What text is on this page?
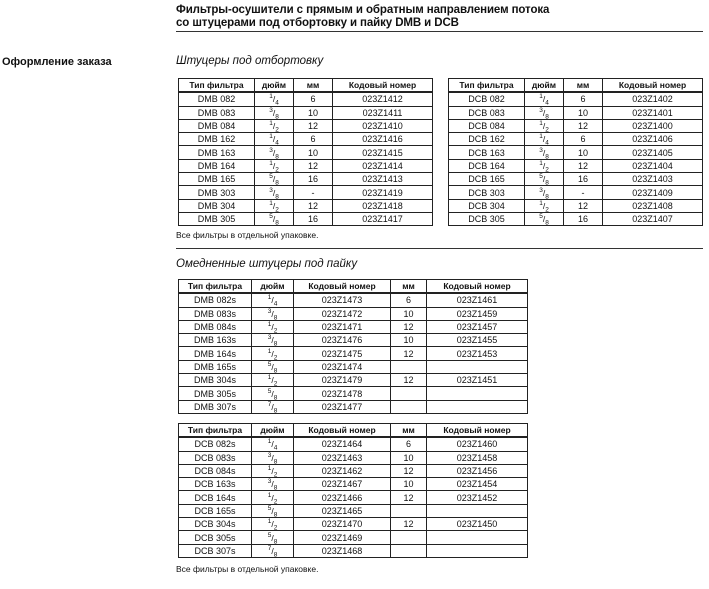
Фильтры-осушители с прямым и обратным направлением потока
со штуцерами под отбортовку и пайку DMB и DCB
Оформление заказа	Штуцеры под отбортовку
Тип фильтра	дюйм	мм	Кодовый номер
DMB 082	$^1/_4$	6	023Z1412
DMB 083	$^3/_8$	10	023Z1411
DMB 084	$^1/_2$	12	023Z1410
DMB 162	$^1/_4$	6	023Z1416
DMB 163	$^3/_8$	10	023Z1415
DMB 164	$^1/_2$	12	023Z1414
DMB 165	$^5/_8$	16	023Z1413
DMB 303	$^3/_8$	-	023Z1419
DMB 304	$^1/_2$	12	023Z1418
DMB 305	$^5/_8$	16	023Z1417
Тип фильтра	дюйм	мм	Кодовый номер
DCB 082	$^1/_4$	6	023Z1402
DCB 083	$^3/_8$	10	023Z1401
DCB 084	$^1/_2$	12	023Z1400
DCB 162	$^1/_4$	6	023Z1406
DCB 163	$^3/_8$	10	023Z1405
DCB 164	$^1/_2$	12	023Z1404
DCB 165	$^5/_8$	16	023Z1403
DCB 303	$^3/_8$	-	023Z1409
DCB 304	$^1/_2$	12	023Z1408
DCB 305	$^5/_8$	16	023Z1407
Все фильтры в отдельной упаковке.
Омедненные штуцеры под пайку
Тип фильтра	дюйм	Кодовый номер	мм	Кодовый номер
DMB 082s	$^1/_4$	023Z1473	6	023Z1461
DMB 083s	$^3/_8$	023Z1472	10	023Z1459
DMB 084s	$^1/_2$	023Z1471	12	023Z1457
DMB 163s	$^3/_8$	023Z1476	10	023Z1455
DMB 164s	$^1/_2$	023Z1475	12	023Z1453
DMB 165s	$^5/_8$	023Z1474		
DMB 304s	$^1/_2$	023Z1479	12	023Z1451
DMB 305s	$^5/_8$	023Z1478		
DMB 307s	$^7/_8$	023Z1477		
Тип фильтра	дюйм	Кодовый номер	мм	Кодовый номер
DCB 082s	$^1/_4$	023Z1464	6	023Z1460
DCB 083s	$^3/_8$	023Z1463	10	023Z1458
DCB 084s	$^1/_2$	023Z1462	12	023Z1456
DCB 163s	$^3/_8$	023Z1467	10	023Z1454
DCB 164s	$^1/_2$	023Z1466	12	023Z1452
DCB 165s	$^5/_8$	023Z1465		
DCB 304s	$^1/_2$	023Z1470	12	023Z1450
DCB 305s	$^5/_8$	023Z1469		
DCB 307s	$^7/_8$	023Z1468		
Все фильтры в отдельной упаковке.
